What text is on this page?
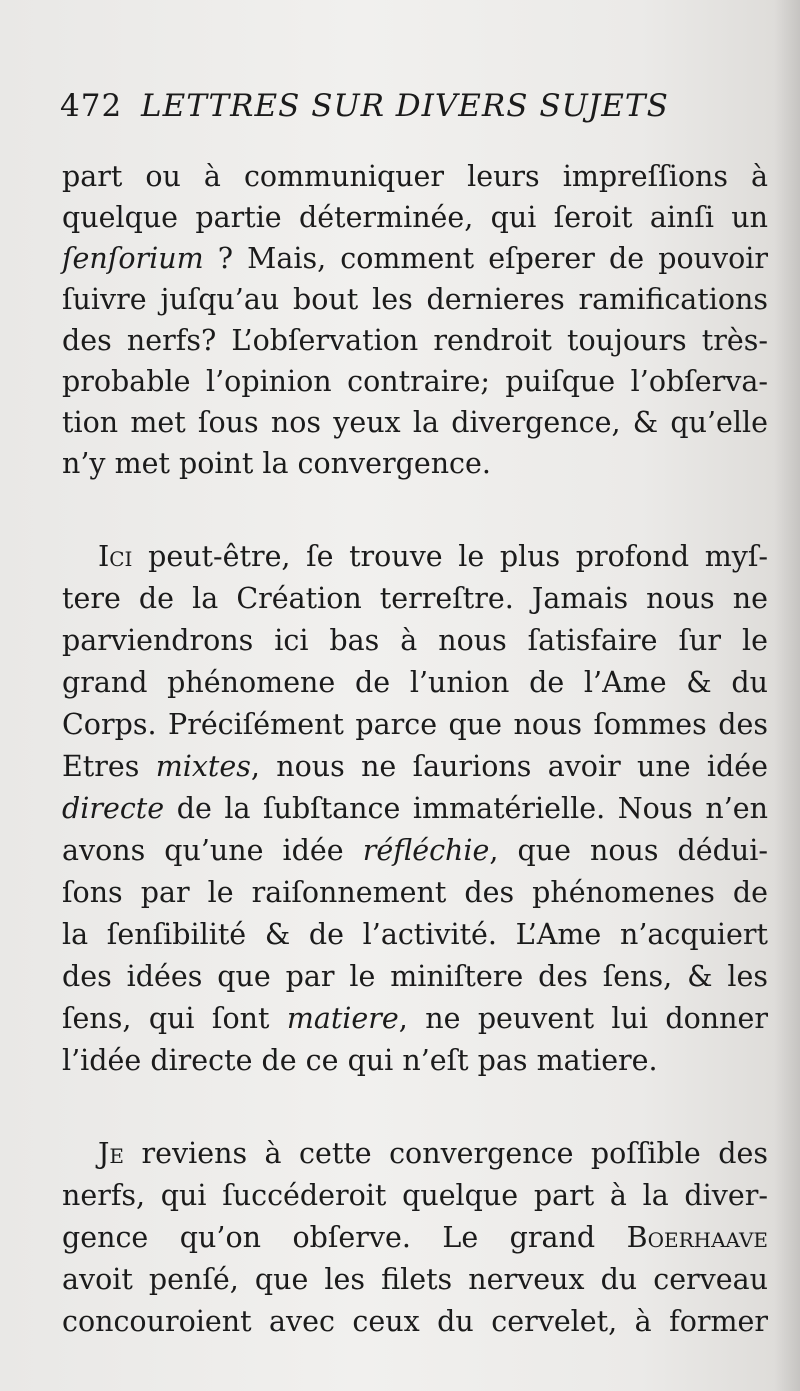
472 LETTRES SUR DIVERS SUJETS
part ou à communiquer leurs impreſſions à
quelque partie déterminée, qui ſeroit ainſi un
ſenſorium ? Mais, comment eſperer de pouvoir
ſuivre juſqu’au bout les dernieres ramifications
des nerfs? L’obſervation rendroit toujours très-
probable l’opinion contraire; puiſque l’obſerva-
tion met ſous nos yeux la divergence, & qu’elle
n’y met point la convergence.
Ici peut-être, ſe trouve le plus profond myſ-
tere de la Création terreſtre. Jamais nous ne
parviendrons ici bas à nous ſatisfaire ſur le
grand phénomene de l’union de l’Ame & du
Corps. Préciſément parce que nous ſommes des
Etres mixtes, nous ne ſaurions avoir une idée
directe de la ſubſtance immatérielle. Nous n’en
avons qu’une idée réfléchie, que nous dédui-
ſons par le raiſonnement des phénomenes de
la ſenſibilité & de l’activité. L’Ame n’acquiert
des idées que par le miniſtere des ſens, & les
ſens, qui ſont matiere, ne peuvent lui donner
l’idée directe de ce qui n’eſt pas matiere.
Je reviens à cette convergence poſſible des
nerfs, qui ſuccéderoit quelque part à la diver-
gence qu’on obſerve. Le grand Boerhaave
avoit penſé, que les filets nerveux du cerveau
concouroient avec ceux du cervelet, à former
